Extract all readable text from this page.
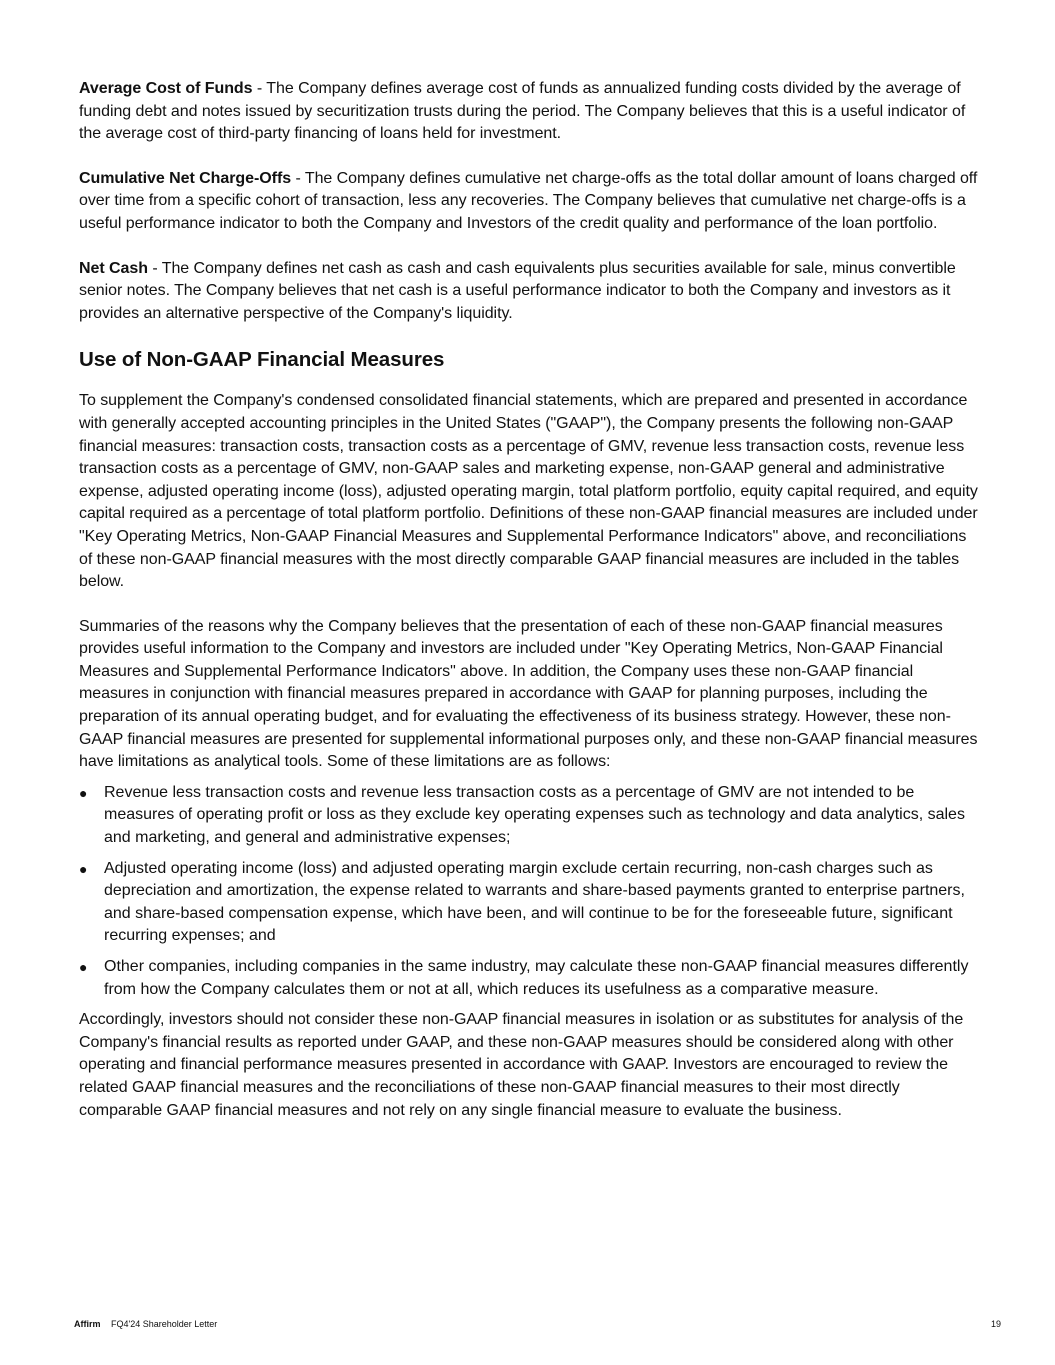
Average Cost of Funds - The Company defines average cost of funds as annualized funding costs divided by the average of funding debt and notes issued by securitization trusts during the period. The Company believes that this is a useful indicator of the average cost of third-party financing of loans held for investment.

Cumulative Net Charge-Offs - The Company defines cumulative net charge-offs as the total dollar amount of loans charged off over time from a specific cohort of transaction, less any recoveries. The Company believes that cumulative net charge-offs is a useful performance indicator to both the Company and Investors of the credit quality and performance of the loan portfolio.

Net Cash - The Company defines net cash as cash and cash equivalents plus securities available for sale, minus convertible senior notes. The Company believes that net cash is a useful performance indicator to both the Company and investors as it provides an alternative perspective of the Company's liquidity.

Use of Non-GAAP Financial Measures

To supplement the Company's condensed consolidated financial statements, which are prepared and presented in accordance with generally accepted accounting principles in the United States ("GAAP"), the Company presents the following non-GAAP financial measures: transaction costs, transaction costs as a percentage of GMV, revenue less transaction costs, revenue less transaction costs as a percentage of GMV, non-GAAP sales and marketing expense, non-GAAP general and administrative expense, adjusted operating income (loss), adjusted operating margin, total platform portfolio, equity capital required, and equity capital required as a percentage of total platform portfolio. Definitions of these non-GAAP financial measures are included under "Key Operating Metrics, Non-GAAP Financial Measures and Supplemental Performance Indicators" above, and reconciliations of these non-GAAP financial measures with the most directly comparable GAAP financial measures are included in the tables below.

Summaries of the reasons why the Company believes that the presentation of each of these non-GAAP financial measures provides useful information to the Company and investors are included under "Key Operating Metrics, Non-GAAP Financial Measures and Supplemental Performance Indicators" above. In addition, the Company uses these non-GAAP financial measures in conjunction with financial measures prepared in accordance with GAAP for planning purposes, including the preparation of its annual operating budget, and for evaluating the effectiveness of its business strategy. However, these non-GAAP financial measures are presented for supplemental informational purposes only, and these non-GAAP financial measures have limitations as analytical tools. Some of these limitations are as follows:

● Revenue less transaction costs and revenue less transaction costs as a percentage of GMV are not intended to be measures of operating profit or loss as they exclude key operating expenses such as technology and data analytics, sales and marketing, and general and administrative expenses;
● Adjusted operating income (loss) and adjusted operating margin exclude certain recurring, non-cash charges such as depreciation and amortization, the expense related to warrants and share-based payments granted to enterprise partners, and share-based compensation expense, which have been, and will continue to be for the foreseeable future, significant recurring expenses; and
● Other companies, including companies in the same industry, may calculate these non-GAAP financial measures differently from how the Company calculates them or not at all, which reduces its usefulness as a comparative measure.

Accordingly, investors should not consider these non-GAAP financial measures in isolation or as substitutes for analysis of the Company's financial results as reported under GAAP, and these non-GAAP measures should be considered along with other operating and financial performance measures presented in accordance with GAAP. Investors are encouraged to review the related GAAP financial measures and the reconciliations of these non-GAAP financial measures to their most directly comparable GAAP financial measures and not rely on any single financial measure to evaluate the business.

Affirm FQ4'24 Shareholder Letter	19
